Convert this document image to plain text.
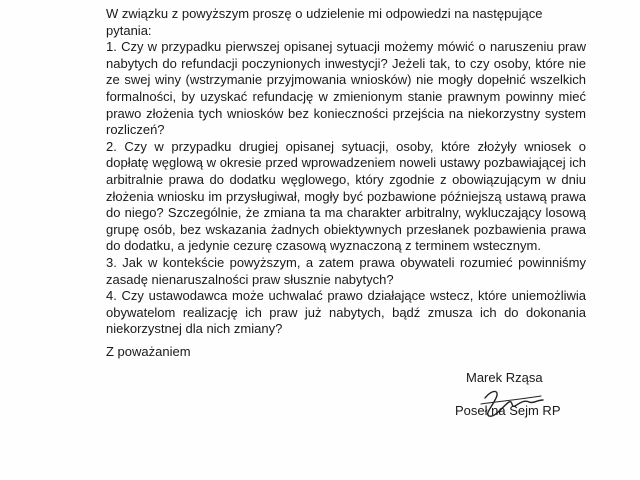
W związku z powyższym proszę o udzielenie mi odpowiedzi na następujące pytania:

1. Czy w przypadku pierwszej opisanej sytuacji możemy mówić o naruszeniu praw nabytych do refundacji poczynionych inwestycji? Jeżeli tak, to czy osoby, które nie ze swej winy (wstrzymanie przyjmowania wniosków) nie mogły dopełnić wszelkich formalności, by uzyskać refundację w zmienionym stanie prawnym powinny mieć prawo złożenia tych wniosków bez konieczności przejścia na niekorzystny system rozliczeń?

2. Czy w przypadku drugiej opisanej sytuacji, osoby, które złożyły wniosek o dopłatę węglową w okresie przed wprowadzeniem noweli ustawy pozbawiającej ich arbitralnie prawa do dodatku węglowego, który zgodnie z obowiązującym w dniu złożenia wniosku im przysługiwał, mogły być pozbawione późniejszą ustawą prawa do niego? Szczególnie, że zmiana ta ma charakter arbitralny, wykluczający losową grupę osób, bez wskazania żadnych obiektywnych przesłanek pozbawienia prawa do dodatku, a jedynie cezurę czasową wyznaczoną z terminem wstecznym.

3. Jak w kontekście powyższym, a zatem prawa obywateli rozumieć powinniśmy zasadę nienaruszalności praw słusznie nabytych?

4. Czy ustawodawca może uchwalać prawo działające wstecz, które uniemożliwia obywatelom realizację ich praw już nabytych, bądź zmusza ich do dokonania niekorzystnej dla nich zmiany?

Z poważaniem
Marek Rząsa
Poseł na Sejm RP
